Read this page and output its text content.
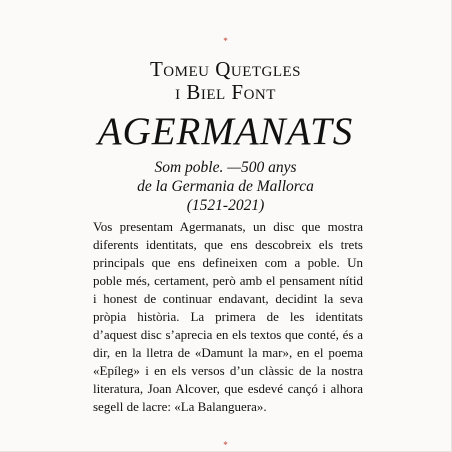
*
Tomeu Quetgles
i Biel Font
AGERMANATS
Som poble. —500 anys
de la Germania de Mallorca
(1521-2021)
Vos presentam Agermanats, un disc que mostra diferents identitats, que ens descobreix els trets principals que ens defineixen com a poble. Un poble més, certament, però amb el pensament nítid i honest de continuar endavant, decidint la seva pròpia història. La primera de les identitats d’aquest disc s’aprecia en els textos que conté, és a dir, en la lletra de «Damunt la mar», en el poema «Epíleg» i en els versos d’un clàssic de la nostra literatura, Joan Alcover, que esdevé cançó i alhora segell de lacre: «La Balanguera».
*
